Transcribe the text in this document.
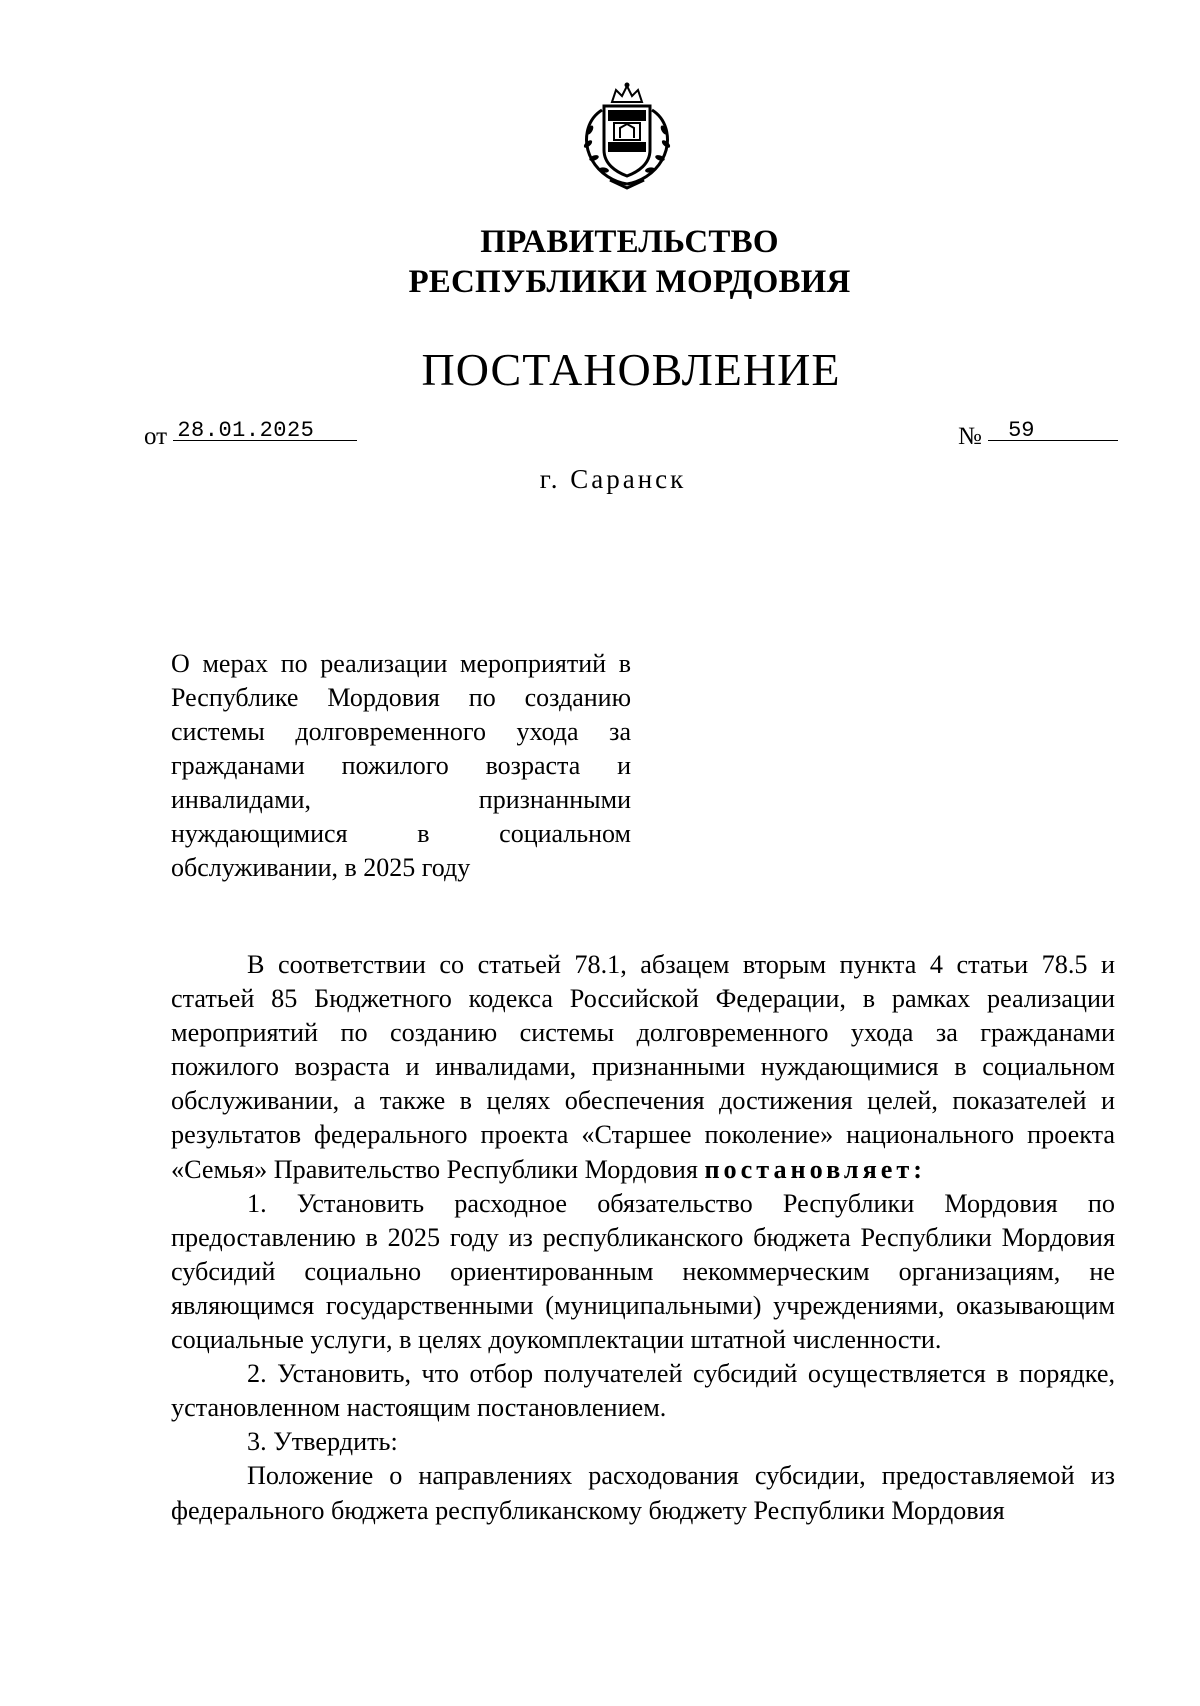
ПРАВИТЕЛЬСТВО
РЕСПУБЛИКИ МОРДОВИЯ
ПОСТАНОВЛЕНИЕ
от 28.01.2025	№ 59
г. Саранск
О мерах по реализации мероприятий в Республике Мордовия по созданию системы долговременного ухода за гражданами пожилого возраста и инвалидами, признанными нуждающимися в социальном обслуживании, в 2025 году

В соответствии со статьей 78.1, абзацем вторым пункта 4 статьи 78.5 и статьей 85 Бюджетного кодекса Российской Федерации, в рамках реализации мероприятий по созданию системы долговременного ухода за гражданами пожилого возраста и инвалидами, признанными нуждающимися в социальном обслуживании, а также в целях обеспечения достижения целей, показателей и результатов федерального проекта «Старшее поколение» национального проекта «Семья» Правительство Республики Мордовия постановляет:

1. Установить расходное обязательство Республики Мордовия по предоставлению в 2025 году из республиканского бюджета Республики Мордовия субсидий социально ориентированным некоммерческим организациям, не являющимся государственными (муниципальными) учреждениями, оказывающим социальные услуги, в целях доукомплектации штатной численности.

2. Установить, что отбор получателей субсидий осуществляется в порядке, установленном настоящим постановлением.

3. Утвердить:

Положение о направлениях расходования субсидии, предоставляемой из федерального бюджета республиканскому бюджету Республики Мордовия
